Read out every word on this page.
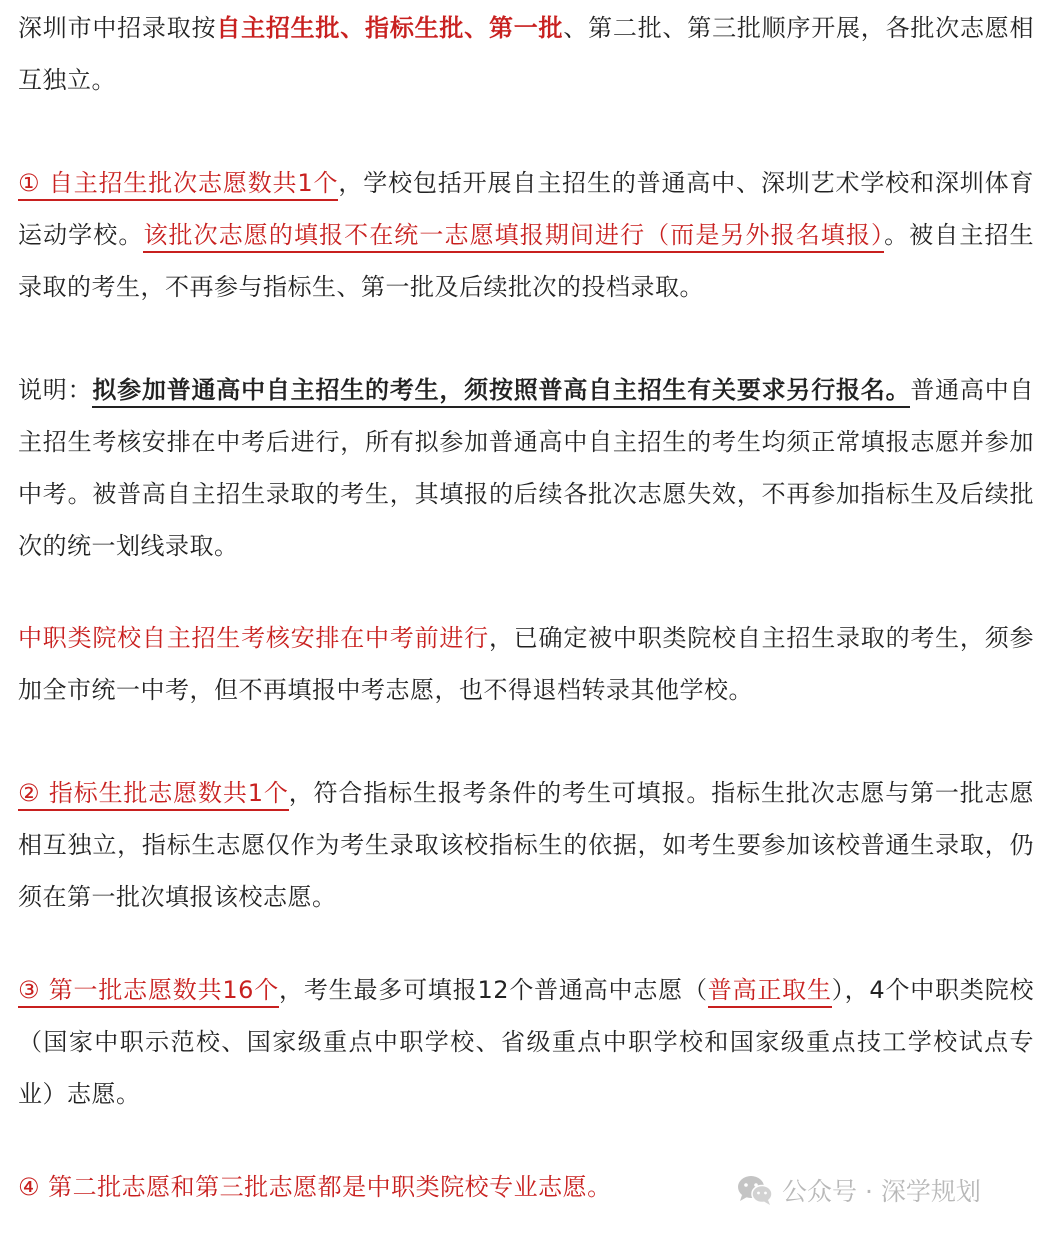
深圳市中招录取按自主招生批、指标生批、第一批、第二批、第三批顺序开展，各批次志愿相互独立。

① 自主招生批次志愿数共1个，学校包括开展自主招生的普通高中、深圳艺术学校和深圳体育运动学校。该批次志愿的填报不在统一志愿填报期间进行（而是另外报名填报）。被自主招生录取的考生，不再参与指标生、第一批及后续批次的投档录取。

说明：拟参加普通高中自主招生的考生，须按照普高自主招生有关要求另行报名。普通高中自主招生考核安排在中考后进行，所有拟参加普通高中自主招生的考生均须正常填报志愿并参加中考。被普高自主招生录取的考生，其填报的后续各批次志愿失效，不再参加指标生及后续批次的统一划线录取。

中职类院校自主招生考核安排在中考前进行，已确定被中职类院校自主招生录取的考生，须参加全市统一中考，但不再填报中考志愿，也不得退档转录其他学校。

② 指标生批志愿数共1个，符合指标生报考条件的考生可填报。指标生批次志愿与第一批志愿相互独立，指标生志愿仅作为考生录取该校指标生的依据，如考生要参加该校普通生录取，仍须在第一批次填报该校志愿。

③ 第一批志愿数共16个，考生最多可填报12个普通高中志愿（普高正取生），4个中职类院校（国家中职示范校、国家级重点中职学校、省级重点中职学校和国家级重点技工学校试点专业）志愿。

④ 第二批志愿和第三批志愿都是中职类院校专业志愿。	公众号 · 深学规划
